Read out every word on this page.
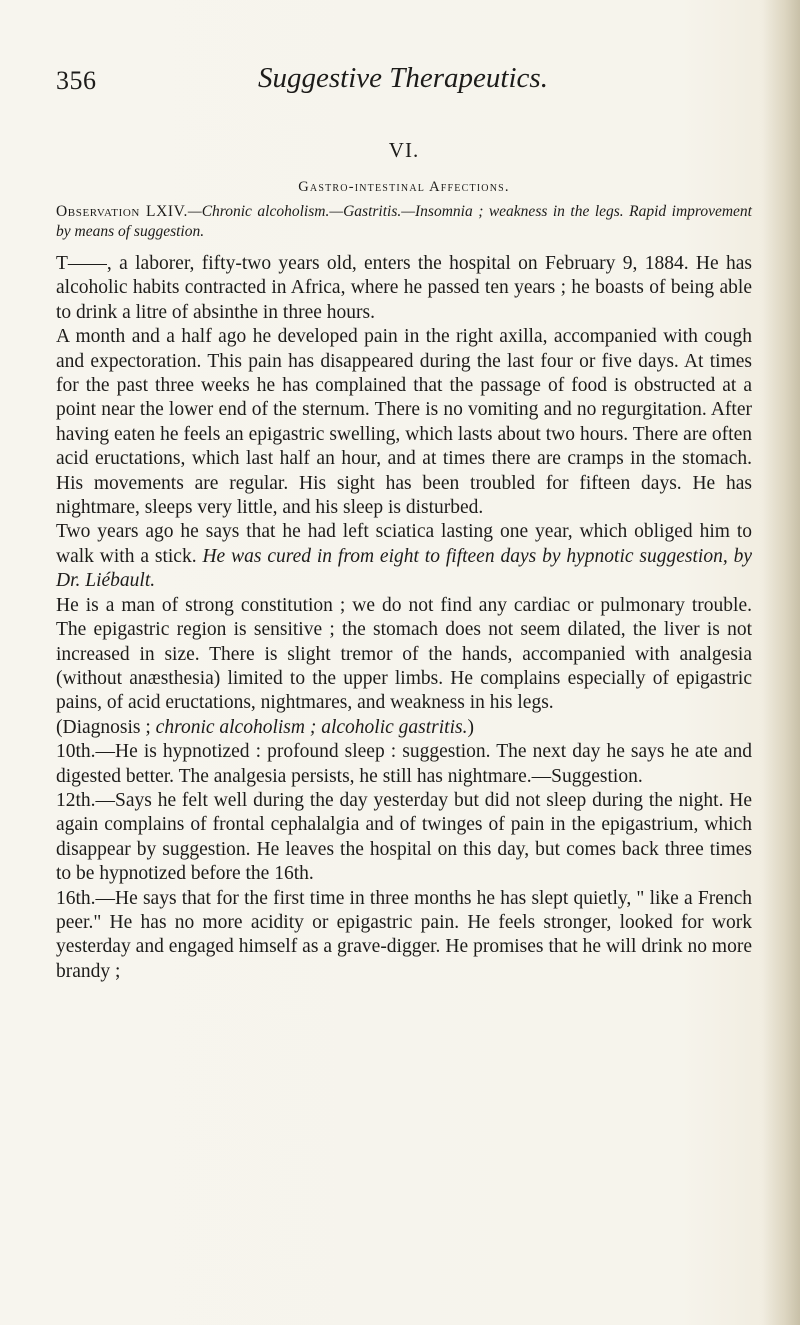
356	Suggestive Therapeutics.
VI.
Gastro-intestinal Affections.

Observation LXIV.—Chronic alcoholism.—Gastritis.—Insomnia ; weakness in the legs. Rapid improvement by means of suggestion.

T——, a laborer, fifty-two years old, enters the hospital on February 9, 1884. He has alcoholic habits contracted in Africa, where he passed ten years ; he boasts of being able to drink a litre of absinthe in three hours.

A month and a half ago he developed pain in the right axilla, accompanied with cough and expectoration. This pain has disappeared during the last four or five days. At times for the past three weeks he has complained that the passage of food is obstructed at a point near the lower end of the sternum. There is no vomiting and no regurgitation. After having eaten he feels an epigastric swelling, which lasts about two hours. There are often acid eructations, which last half an hour, and at times there are cramps in the stomach. His movements are regular. His sight has been troubled for fifteen days. He has nightmare, sleeps very little, and his sleep is disturbed.

Two years ago he says that he had left sciatica lasting one year, which obliged him to walk with a stick. He was cured in from eight to fifteen days by hypnotic suggestion, by Dr. Liébault.

He is a man of strong constitution ; we do not find any cardiac or pulmonary trouble. The epigastric region is sensitive ; the stomach does not seem dilated, the liver is not increased in size. There is slight tremor of the hands, accompanied with analgesia (without anæsthesia) limited to the upper limbs. He complains especially of epigastric pains, of acid eructations, nightmares, and weakness in his legs.

(Diagnosis ; chronic alcoholism ; alcoholic gastritis.)

10th.—He is hypnotized : profound sleep : suggestion. The next day he says he ate and digested better. The analgesia persists, he still has nightmare.—Suggestion.

12th.—Says he felt well during the day yesterday but did not sleep during the night. He again complains of frontal cephalalgia and of twinges of pain in the epigastrium, which disappear by suggestion. He leaves the hospital on this day, but comes back three times to be hypnotized before the 16th.

16th.—He says that for the first time in three months he has slept quietly, " like a French peer." He has no more acidity or epigastric pain. He feels stronger, looked for work yesterday and engaged himself as a grave-digger. He promises that he will drink no more brandy ;
